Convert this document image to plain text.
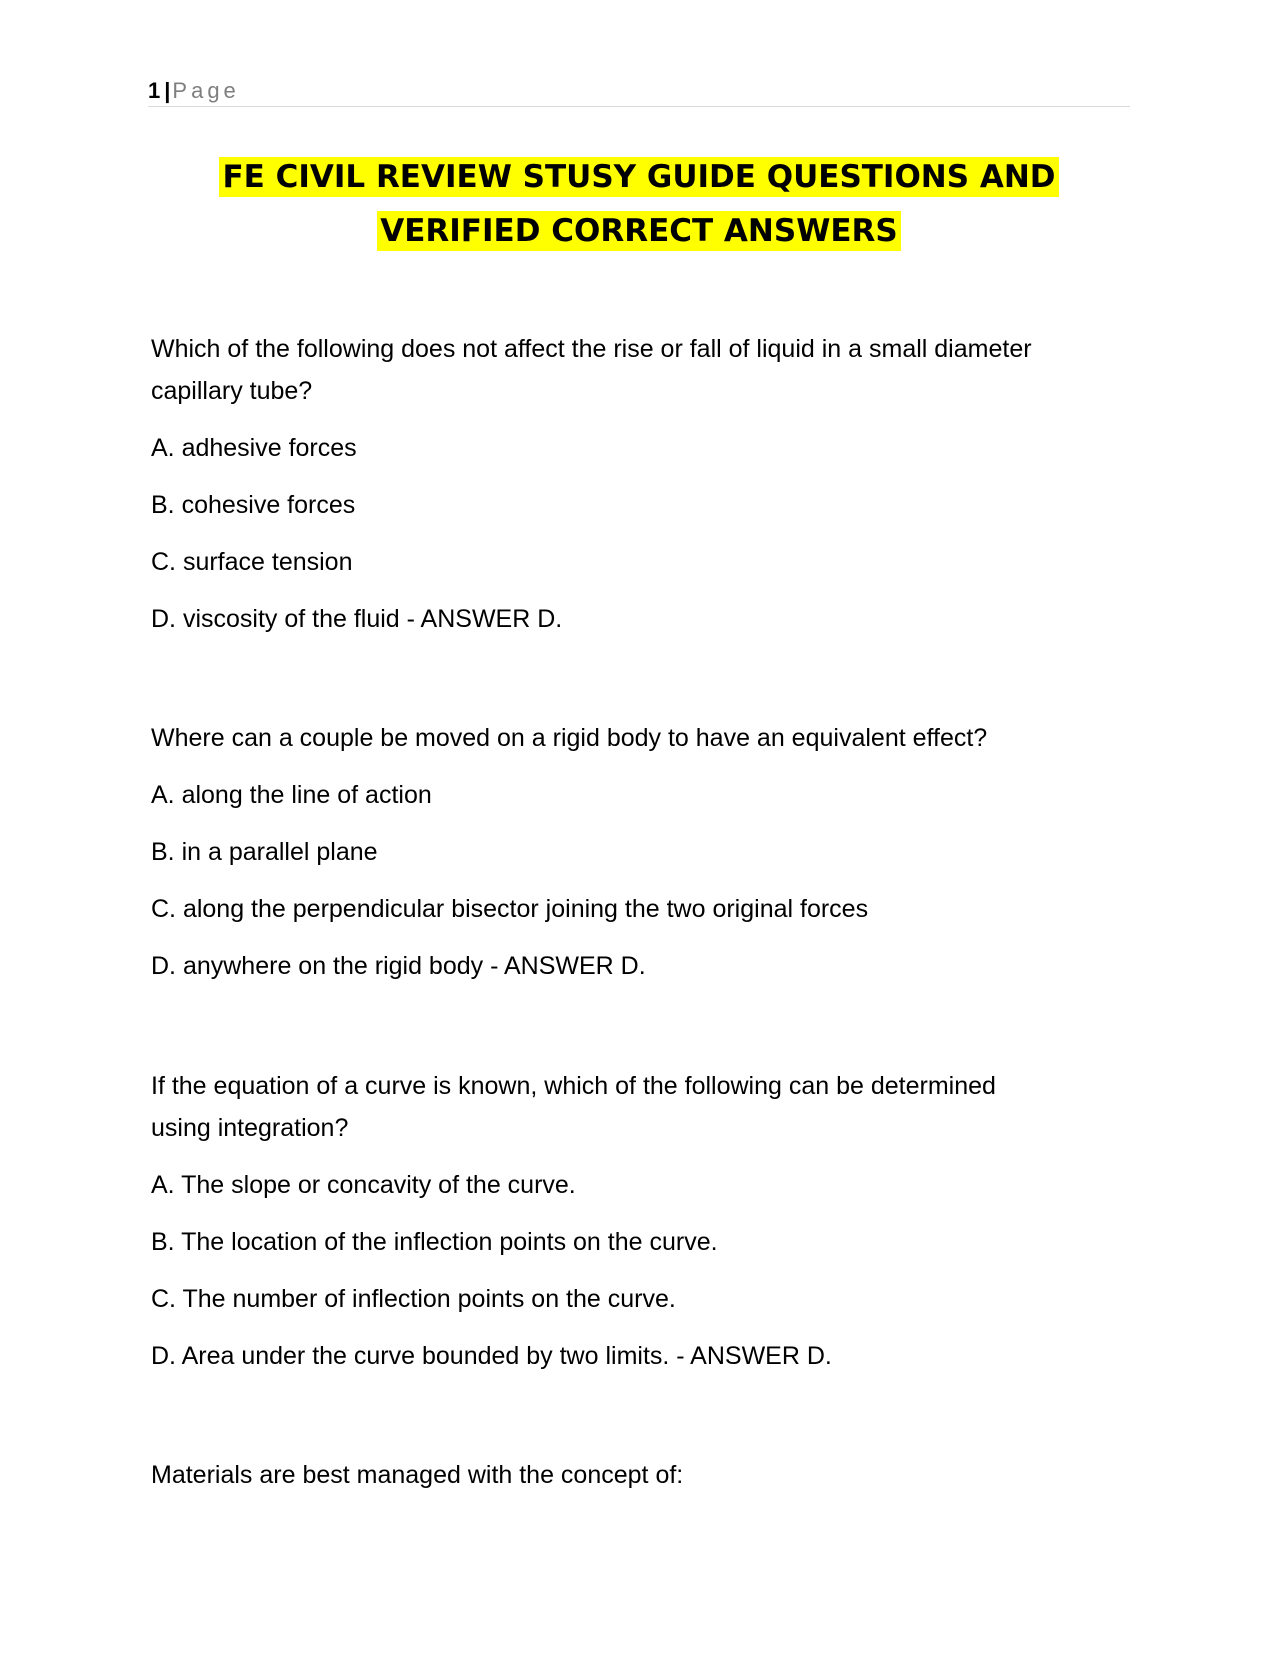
1 |Page
FE CIVIL REVIEW STUSY GUIDE QUESTIONS AND
VERIFIED CORRECT ANSWERS
Which of the following does not affect the rise or fall of liquid in a small diameter
capillary tube?
A. adhesive forces
B. cohesive forces
C. surface tension
D. viscosity of the fluid - ANSWER D.
Where can a couple be moved on a rigid body to have an equivalent effect?
A. along the line of action
B. in a parallel plane
C. along the perpendicular bisector joining the two original forces
D. anywhere on the rigid body - ANSWER D.
If the equation of a curve is known, which of the following can be determined
using integration?
A. The slope or concavity of the curve.
B. The location of the inflection points on the curve.
C. The number of inflection points on the curve.
D. Area under the curve bounded by two limits. - ANSWER D.
Materials are best managed with the concept of:
